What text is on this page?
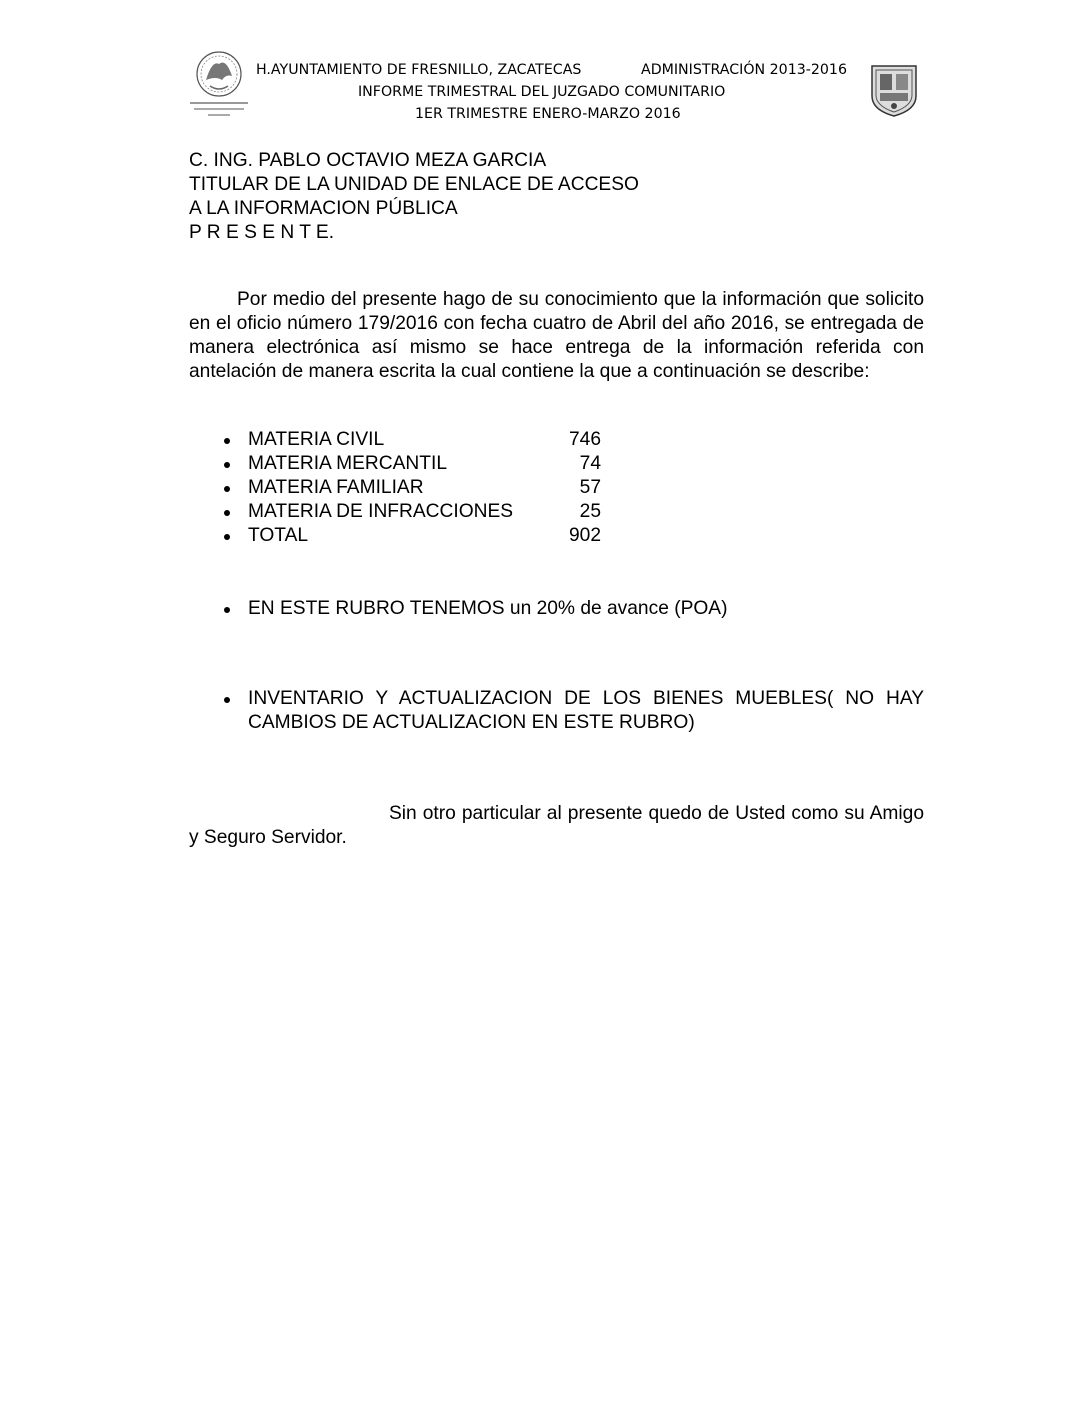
H.AYUNTAMIENTO DE FRESNILLO, ZACATECAS	ADMINISTRACIÓN 2013-2016
INFORME TRIMESTRAL DEL JUZGADO COMUNITARIO
1ER TRIMESTRE ENERO-MARZO 2016
C. ING. PABLO OCTAVIO MEZA GARCIA
TITULAR DE LA UNIDAD DE ENLACE DE ACCESO
A LA INFORMACION PÚBLICA
P R E S E N T E.

Por medio del presente hago de su conocimiento que la información que solicito en el oficio número 179/2016 con fecha cuatro de Abril del año 2016, se entregada de manera electrónica así mismo se hace entrega de la información referida con antelación de manera escrita la cual contiene la que a continuación se describe:

MATERIA CIVIL	746
MATERIA MERCANTIL	74
MATERIA FAMILIAR	57
MATERIA DE INFRACCIONES	25
TOTAL	902
EN ESTE RUBRO TENEMOS un 20% de avance (POA)
INVENTARIO Y ACTUALIZACION DE LOS BIENES MUEBLES( NO HAY CAMBIOS DE ACTUALIZACION EN ESTE RUBRO)

Sin otro particular al presente quedo de Usted como su Amigo y Seguro Servidor.
